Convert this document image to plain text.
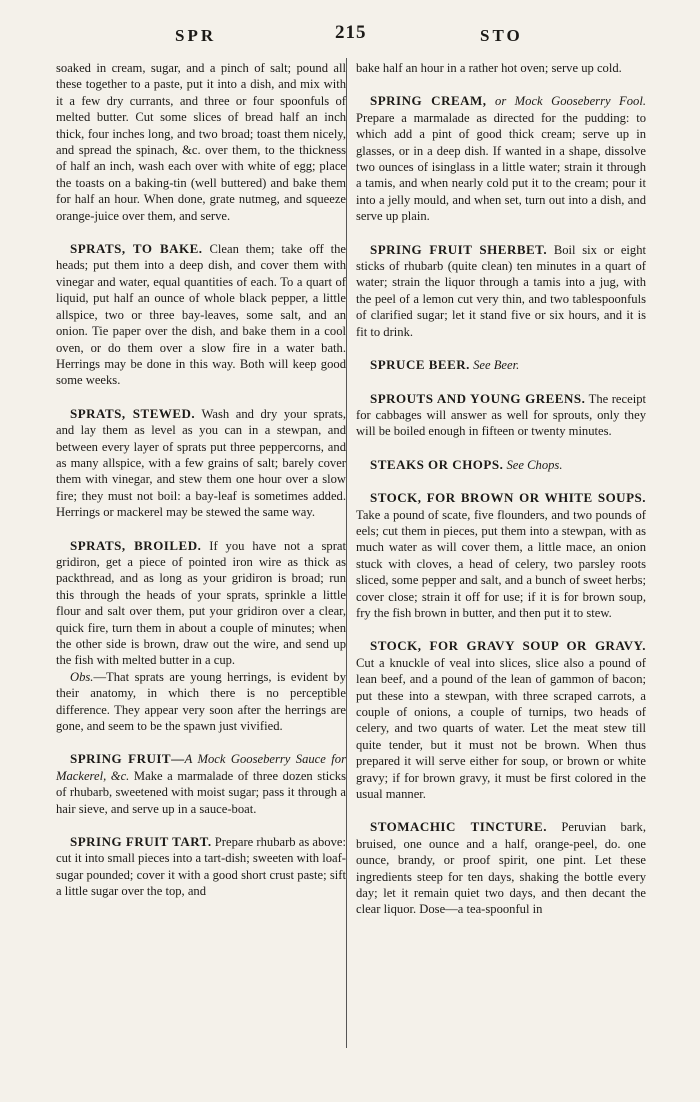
SPR	215	STO

soaked in cream, sugar, and a pinch of salt; pound all these together to a paste, put it into a dish, and mix with it a few dry currants, and three or four spoonfuls of melted butter. Cut some slices of bread half an inch thick, four inches long, and two broad; toast them nicely, and spread the spinach, &c. over them, to the thickness of half an inch, wash each over with white of egg; place the toasts on a baking-tin (well buttered) and bake them for half an hour. When done, grate nutmeg, and squeeze orange-juice over them, and serve.

SPRATS, TO BAKE. Clean them; take off the heads; put them into a deep dish, and cover them with vinegar and water, equal quantities of each. To a quart of liquid, put half an ounce of whole black pepper, a little allspice, two or three bay-leaves, some salt, and an onion. Tie paper over the dish, and bake them in a cool oven, or do them over a slow fire in a water bath. Herrings may be done in this way. Both will keep good some weeks.

SPRATS, STEWED. Wash and dry your sprats, and lay them as level as you can in a stewpan, and between every layer of sprats put three peppercorns, and as many allspice, with a few grains of salt; barely cover them with vinegar, and stew them one hour over a slow fire; they must not boil: a bay-leaf is sometimes added. Herrings or mackerel may be stewed the same way.

SPRATS, BROILED. If you have not a sprat gridiron, get a piece of pointed iron wire as thick as packthread, and as long as your gridiron is broad; run this through the heads of your sprats, sprinkle a little flour and salt over them, put your gridiron over a clear, quick fire, turn them in about a couple of minutes; when the other side is brown, draw out the wire, and send up the fish with melted butter in a cup.

Obs.—That sprats are young herrings, is evident by their anatomy, in which there is no perceptible difference. They appear very soon after the herrings are gone, and seem to be the spawn just vivified.

SPRING FRUIT—A Mock Gooseberry Sauce for Mackerel, &c. Make a marmalade of three dozen sticks of rhubarb, sweetened with moist sugar; pass it through a hair sieve, and serve up in a sauce-boat.

SPRING FRUIT TART. Prepare rhubarb as above: cut it into small pieces into a tart-dish; sweeten with loaf-sugar pounded; cover it with a good short crust paste; sift a little sugar over the top, and

bake half an hour in a rather hot oven; serve up cold.

SPRING CREAM, or Mock Gooseberry Fool. Prepare a marmalade as directed for the pudding: to which add a pint of good thick cream; serve up in glasses, or in a deep dish. If wanted in a shape, dissolve two ounces of isinglass in a little water; strain it through a tamis, and when nearly cold put it to the cream; pour it into a jelly mould, and when set, turn out into a dish, and serve up plain.

SPRING FRUIT SHERBET. Boil six or eight sticks of rhubarb (quite clean) ten minutes in a quart of water; strain the liquor through a tamis into a jug, with the peel of a lemon cut very thin, and two tablespoonfuls of clarified sugar; let it stand five or six hours, and it is fit to drink.

SPRUCE BEER. See Beer.

SPROUTS AND YOUNG GREENS. The receipt for cabbages will answer as well for sprouts, only they will be boiled enough in fifteen or twenty minutes.

STEAKS OR CHOPS. See Chops.

STOCK, FOR BROWN OR WHITE SOUPS. Take a pound of scate, five flounders, and two pounds of eels; cut them in pieces, put them into a stewpan, with as much water as will cover them, a little mace, an onion stuck with cloves, a head of celery, two parsley roots sliced, some pepper and salt, and a bunch of sweet herbs; cover close; strain it off for use; if it is for brown soup, fry the fish brown in butter, and then put it to stew.

STOCK, FOR GRAVY SOUP OR GRAVY. Cut a knuckle of veal into slices, slice also a pound of lean beef, and a pound of the lean of gammon of bacon; put these into a stewpan, with three scraped carrots, a couple of onions, a couple of turnips, two heads of celery, and two quarts of water. Let the meat stew till quite tender, but it must not be brown. When thus prepared it will serve either for soup, or brown or white gravy; if for brown gravy, it must be first colored in the usual manner.

STOMACHIC TINCTURE. Peruvian bark, bruised, one ounce and a half, orange-peel, do. one ounce, brandy, or proof spirit, one pint. Let these ingredients steep for ten days, shaking the bottle every day; let it remain quiet two days, and then decant the clear liquor. Dose—a tea-spoonful in
